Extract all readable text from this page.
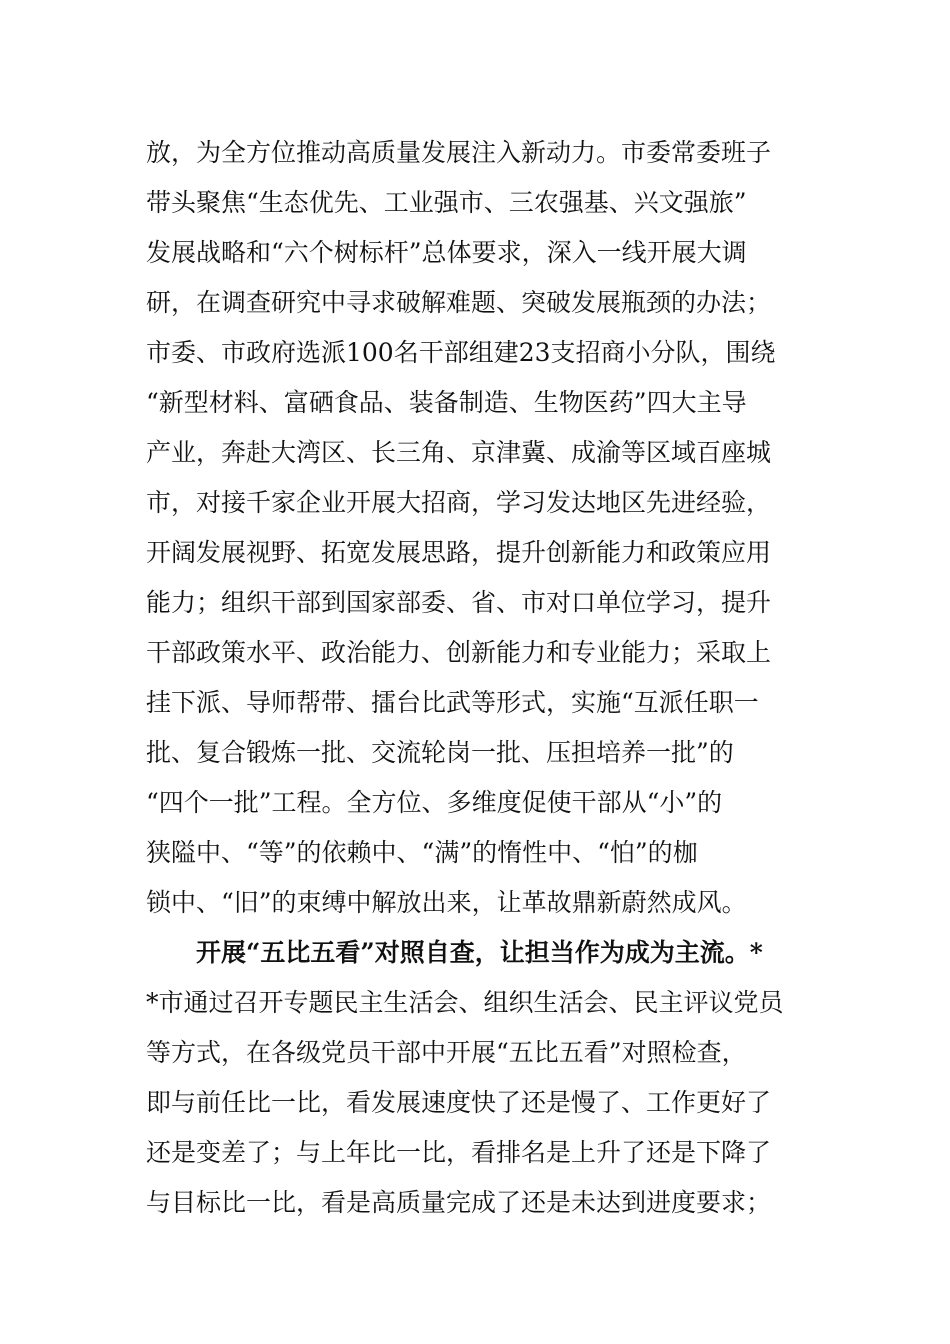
放，为全方位推动高质量发展注入新动力。市委常委班子
带头聚焦“生态优先、工业强市、三农强基、兴文强旅”
发展战略和“六个树标杆”总体要求，深入一线开展大调
研，在调查研究中寻求破解难题、突破发展瓶颈的办法；
市委、市政府选派100名干部组建23支招商小分队，围绕
“新型材料、富硒食品、装备制造、生物医药”四大主导
产业，奔赴大湾区、长三角、京津冀、成渝等区域百座城
市，对接千家企业开展大招商，学习发达地区先进经验，
开阔发展视野、拓宽发展思路，提升创新能力和政策应用
能力；组织干部到国家部委、省、市对口单位学习，提升
干部政策水平、政治能力、创新能力和专业能力；采取上
挂下派、导师帮带、擂台比武等形式，实施“互派任职一
批、复合锻炼一批、交流轮岗一批、压担培养一批”的
“四个一批”工程。全方位、多维度促使干部从“小”的
狭隘中、“等”的依赖中、“满”的惰性中、“怕”的枷
锁中、“旧”的束缚中解放出来，让革故鼎新蔚然成风。
开展“五比五看”对照自查，让担当作为成为主流。*
*市通过召开专题民主生活会、组织生活会、民主评议党员
等方式，在各级党员干部中开展“五比五看”对照检查，
即与前任比一比，看发展速度快了还是慢了、工作更好了
还是变差了；与上年比一比，看排名是上升了还是下降了
与目标比一比，看是高质量完成了还是未达到进度要求；
